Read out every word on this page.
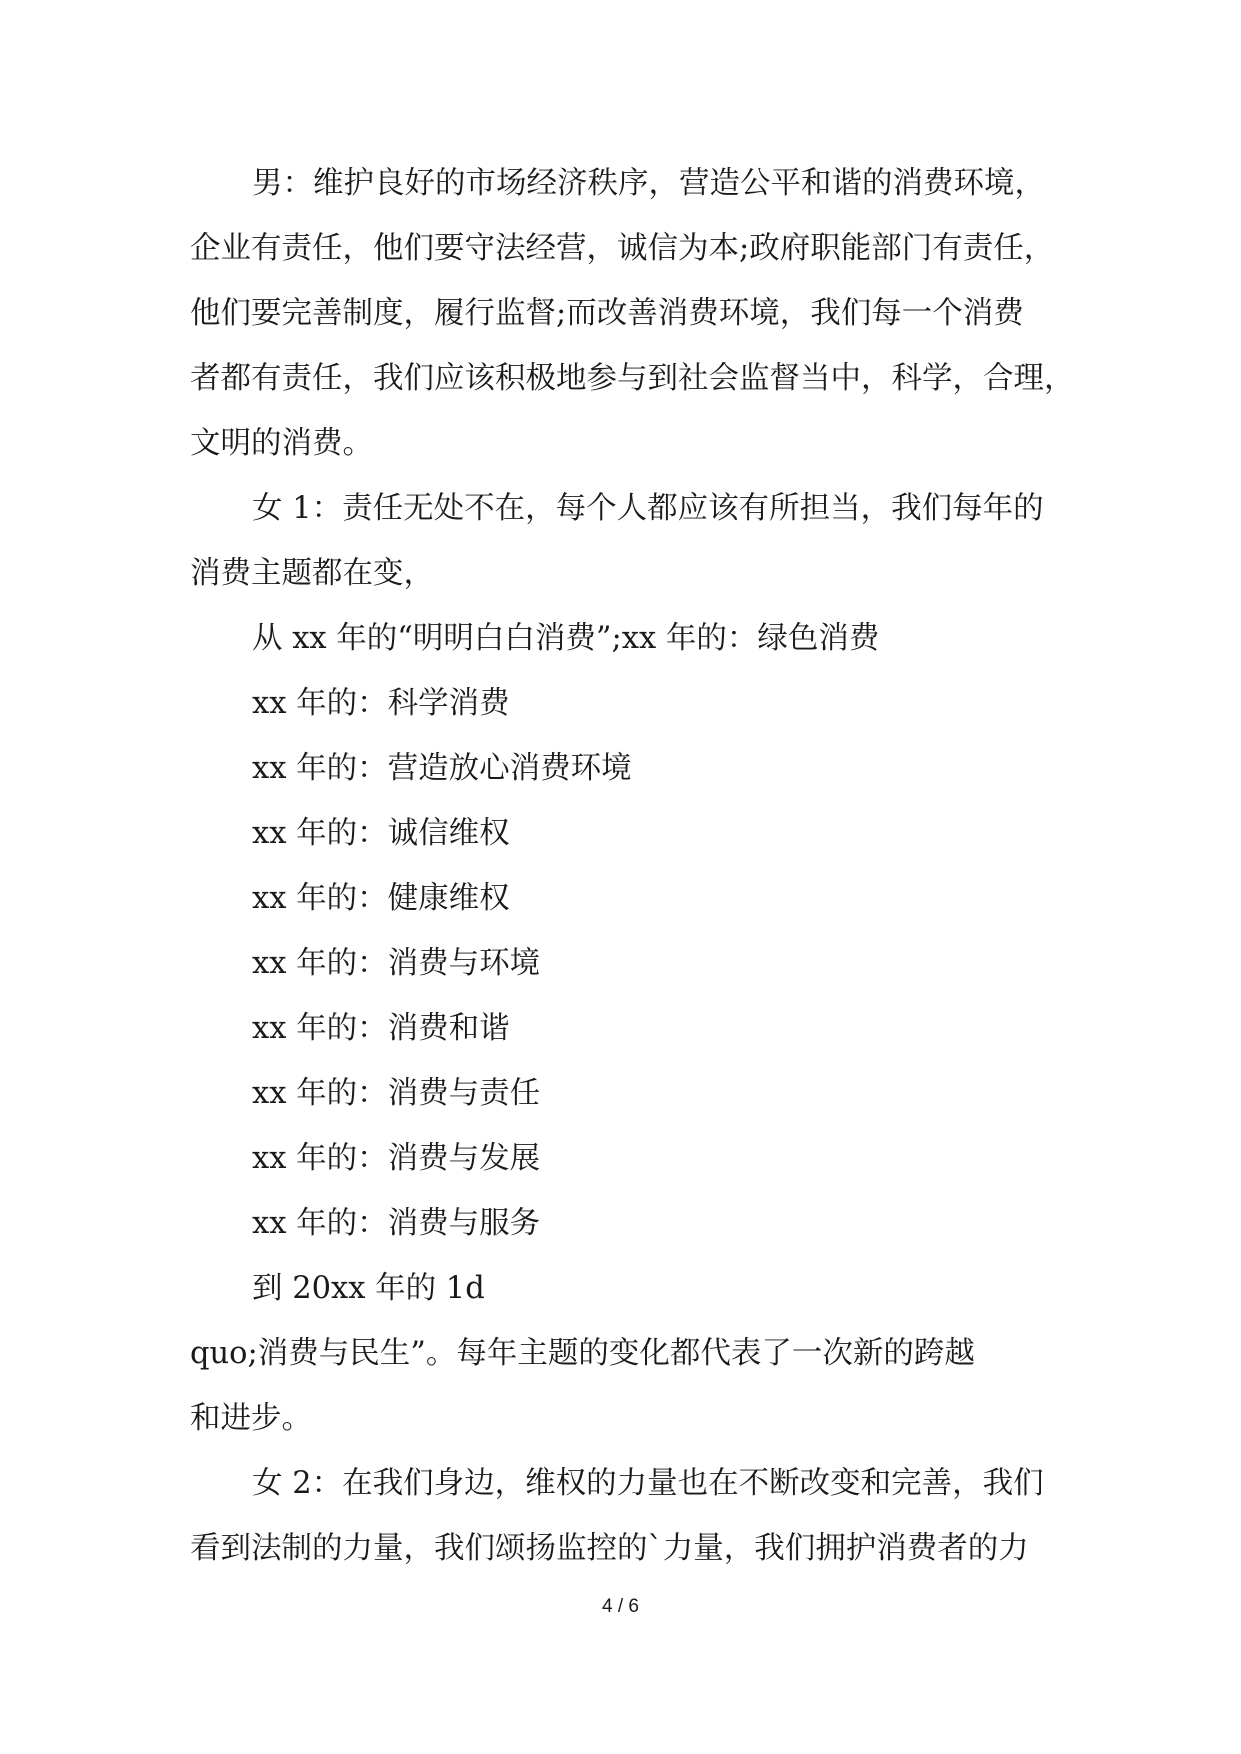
男：维护良好的市场经济秩序，营造公平和谐的消费环境，
企业有责任，他们要守法经营，诚信为本;政府职能部门有责任，
他们要完善制度，履行监督;而改善消费环境，我们每一个消费
者都有责任，我们应该积极地参与到社会监督当中，科学，合理，
文明的消费。
女 1：责任无处不在，每个人都应该有所担当，我们每年的
消费主题都在变，
从 xx 年的“明明白白消费”;xx 年的：绿色消费
xx 年的：科学消费
xx 年的：营造放心消费环境
xx 年的：诚信维权
xx 年的：健康维权
xx 年的：消费与环境
xx 年的：消费和谐
xx 年的：消费与责任
xx 年的：消费与发展
xx 年的：消费与服务
到 20xx 年的 1d
quo;消费与民生”。每年主题的变化都代表了一次新的跨越
和进步。
女 2：在我们身边，维权的力量也在不断改变和完善，我们
看到法制的力量，我们颂扬监控的`力量，我们拥护消费者的力
4 / 6
